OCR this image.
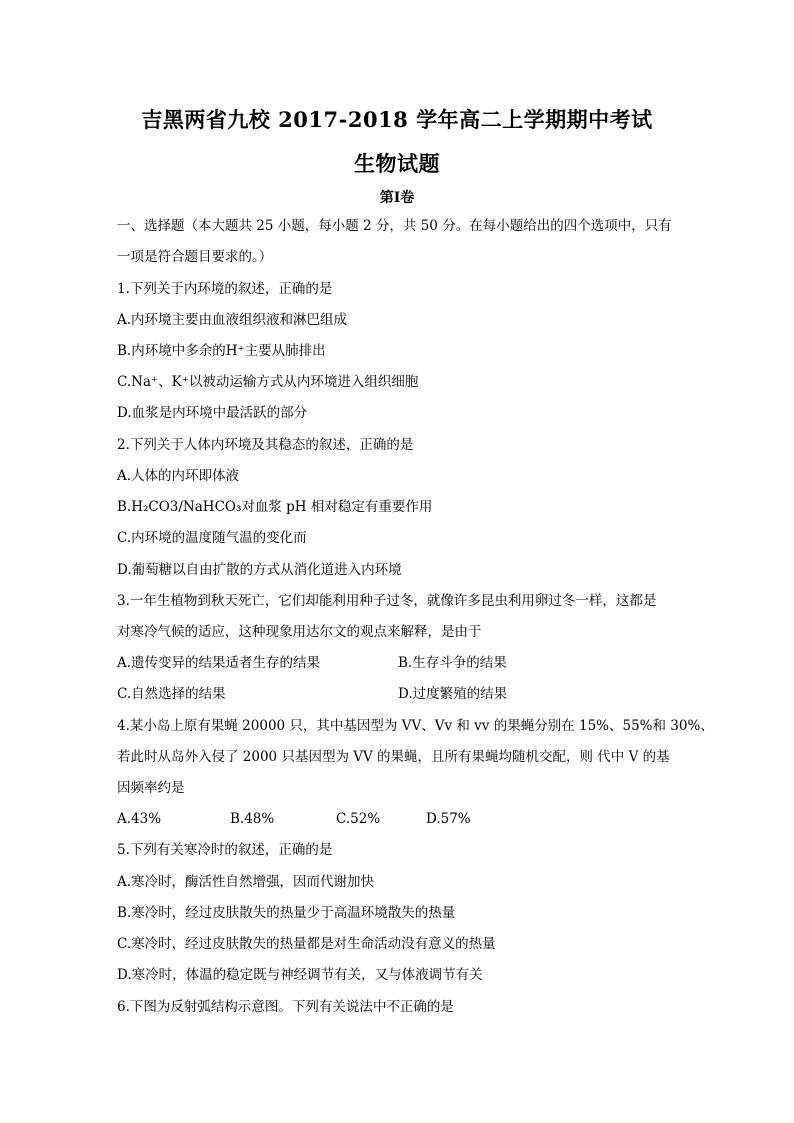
吉黑两省九校 2017-2018 学年高二上学期期中考试
生物试题
第Ⅰ卷
一、选择题（本大题共 25 小题，每小题 2 分，共 50 分。在每小题给出的四个选项中，只有
一项是符合题目要求的。）
1.下列关于内环境的叙述，正确的是
A.内环境主要由血液组织液和淋巴组成
B.内环境中多余的H⁺主要从肺排出
C.Na⁺、K⁺以被动运输方式从内环境进入组织细胞
D.血浆是内环境中最活跃的部分
2.下列关于人体内环境及其稳态的叙述，正确的是
A.人体的内环即体液
B.H₂CO3/NaHCO₃对血浆 pH 相对稳定有重要作用
C.内环境的温度随气温的变化而
D.葡萄糖以自由扩散的方式从消化道进入内环境
3.一年生植物到秋天死亡，它们却能利用种子过冬，就像许多昆虫利用卵过冬一样，这都是
对寒冷气候的适应，这种现象用达尔文的观点来解释，是由于
A.遗传变异的结果适者生存的结果	B.生存斗争的结果
C.自然选择的结果	D.过度繁殖的结果
4.某小岛上原有果蝇 20000 只，其中基因型为 VV、Vv 和 vv 的果蝇分别在 15%、55%和 30%、
若此时从岛外入侵了 2000 只基因型为 VV 的果蝇，且所有果蝇均随机交配，则 代中 V 的基
因频率约是
A.43%	B.48%	C.52%	D.57%
5.下列有关寒冷时的叙述，正确的是
A.寒冷时，酶活性自然增强，因而代谢加快
B.寒冷时，经过皮肤散失的热量少于高温环境散失的热量
C.寒冷时，经过皮肤散失的热量都是对生命活动没有意义的热量
D.寒冷时，体温的稳定既与神经调节有关，又与体液调节有关
6.下图为反射弧结构示意图。下列有关说法中不正确的是
